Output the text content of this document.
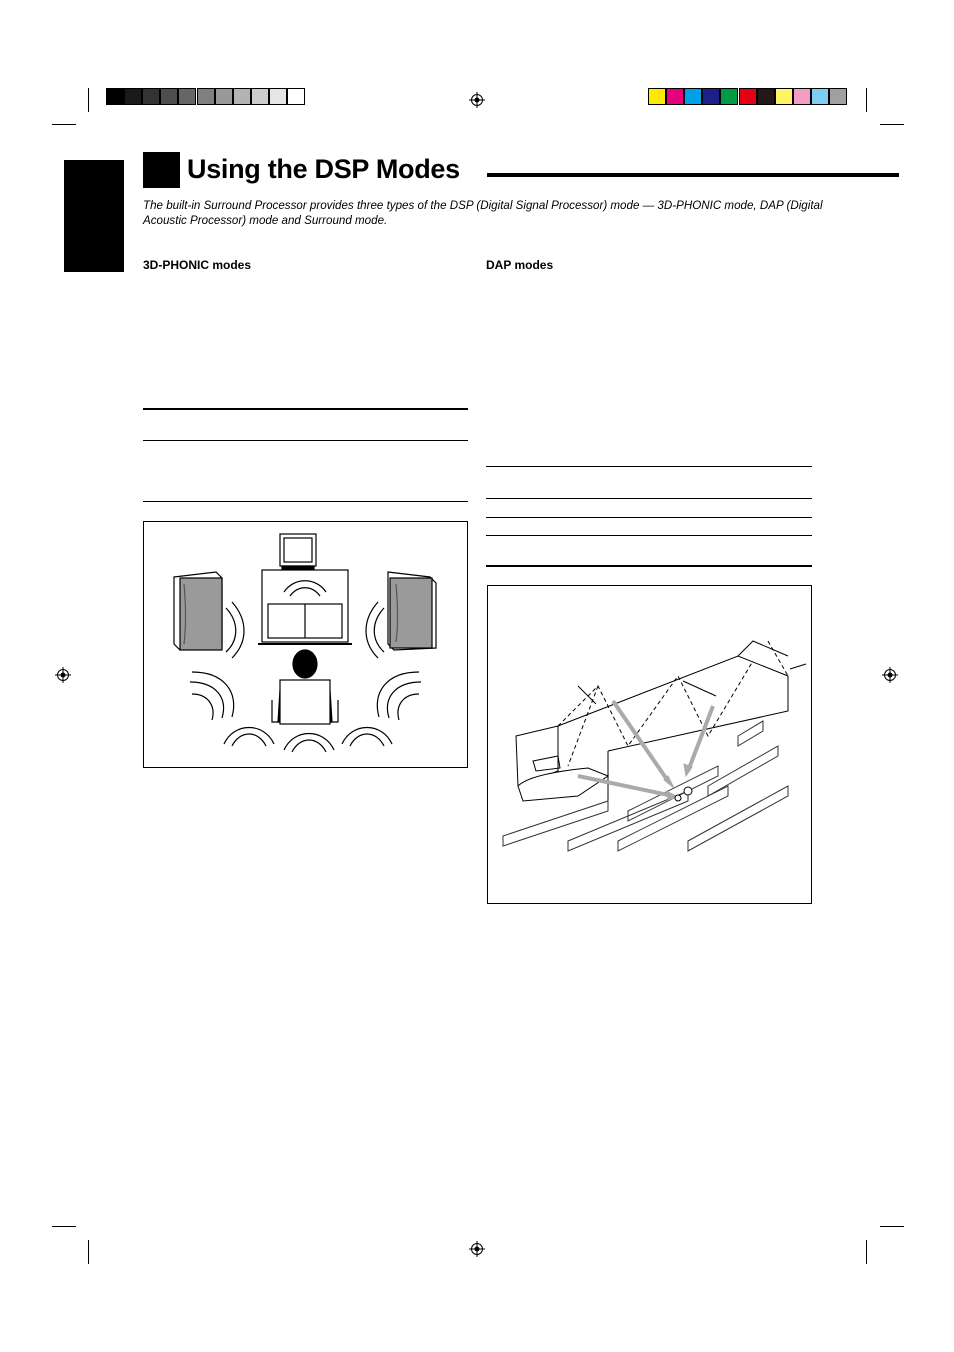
Using the DSP Modes
The built-in Surround Processor provides three types of the DSP (Digital Signal Processor) mode — 3D-PHONIC mode, DAP (Digital Acoustic Processor) mode and Surround mode.
3D-PHONIC modes	DAP modes
